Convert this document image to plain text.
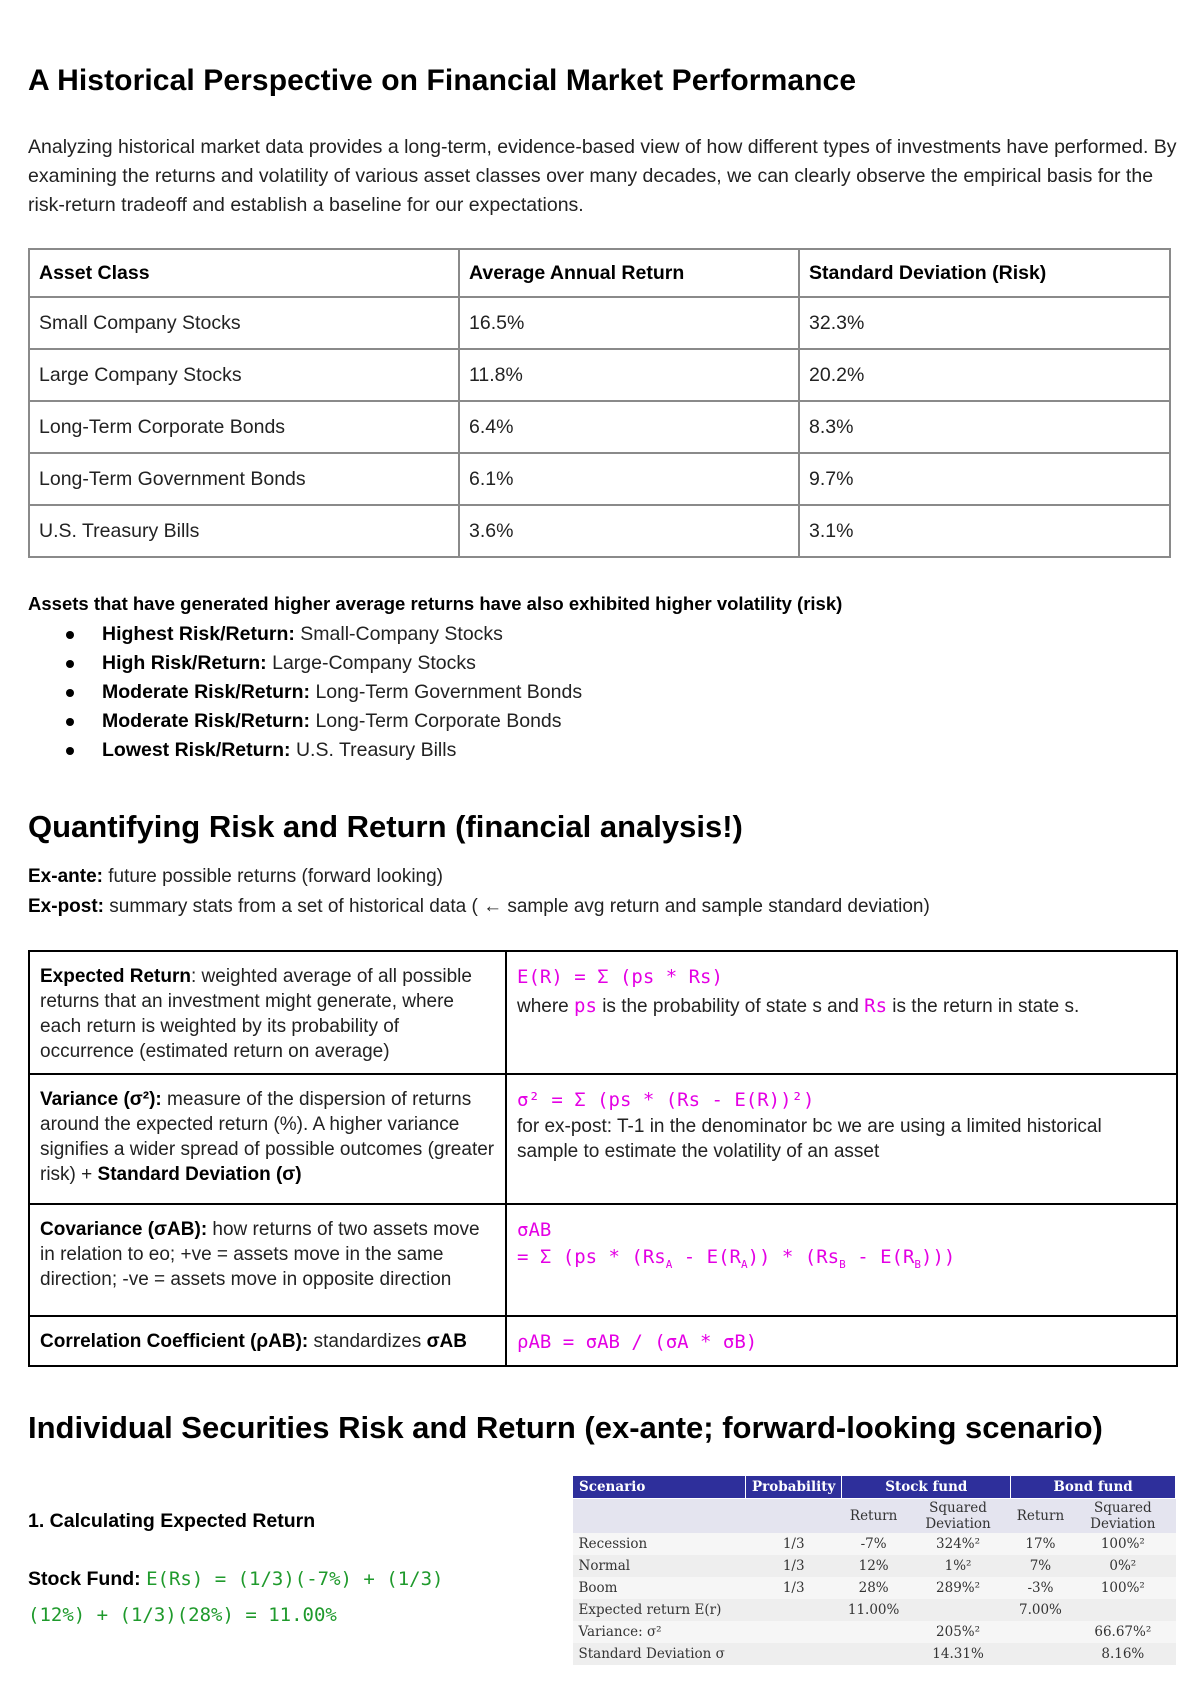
A Historical Perspective on Financial Market Performance
Analyzing historical market data provides a long-term, evidence-based view of how different types of investments have performed. By examining the returns and volatility of various asset classes over many decades, we can clearly observe the empirical basis for the risk-return tradeoff and establish a baseline for our expectations.
Asset Class	Average Annual Return	Standard Deviation (Risk)
Small Company Stocks	16.5%	32.3%
Large Company Stocks	11.8%	20.2%
Long-Term Corporate Bonds	6.4%	8.3%
Long-Term Government Bonds	6.1%	9.7%
U.S. Treasury Bills	3.6%	3.1%
Assets that have generated higher average returns have also exhibited higher volatility (risk)
Highest Risk/Return: Small-Company Stocks
High Risk/Return: Large-Company Stocks
Moderate Risk/Return: Long-Term Government Bonds
Moderate Risk/Return: Long-Term Corporate Bonds
Lowest Risk/Return: U.S. Treasury Bills
Quantifying Risk and Return (financial analysis!)
Ex-ante: future possible returns (forward looking)
Ex-post: summary stats from a set of historical data ( ← sample avg return and sample standard deviation)
Expected Return: weighted average of all possible returns that an investment might generate, where each return is weighted by its probability of occurrence (estimated return on average)	E(R) = Σ (ps * Rs)
where ps is the probability of state s and Rs is the return in state s.

Variance (σ²): measure of the dispersion of returns around the expected return (%). A higher variance signifies a wider spread of possible outcomes (greater risk) + Standard Deviation (σ)	σ² = Σ (ps * (Rs - E(R))²)
for ex-post: T-1 in the denominator bc we are using a limited historical sample to estimate the volatility of an asset

Covariance (σAB): how returns of two assets move in relation to eo; +ve = assets move in the same direction; -ve = assets move in opposite direction	σAB
= Σ $(ps * (Rs_A - E(R_A)) * (Rs_B - E(R_B)))$

Correlation Coefficient (ρAB): standardizes σAB	ρAB = σAB / (σA * σB)
Individual Securities Risk and Return (ex-ante; forward-looking scenario)
1. Calculating Expected Return
Stock Fund: E(Rs) = (1/3)(-7%) + (1/3)(12%) + (1/3)(28%) = 11.00%
Scenario	Probability	Stock fund		Bond fund	
		Return	Squared Deviation	Return	Squared Deviation
Recession	1/3	-7%	324%²	17%	100%²
Normal	1/3	12%	1%²	7%	0%²
Boom	1/3	28%	289%²	-3%	100%²
Expected return E(r)		11.00%		7.00%	
Variance: σ²			205%²		66.67%²
Standard Deviation σ			14.31%		8.16%
